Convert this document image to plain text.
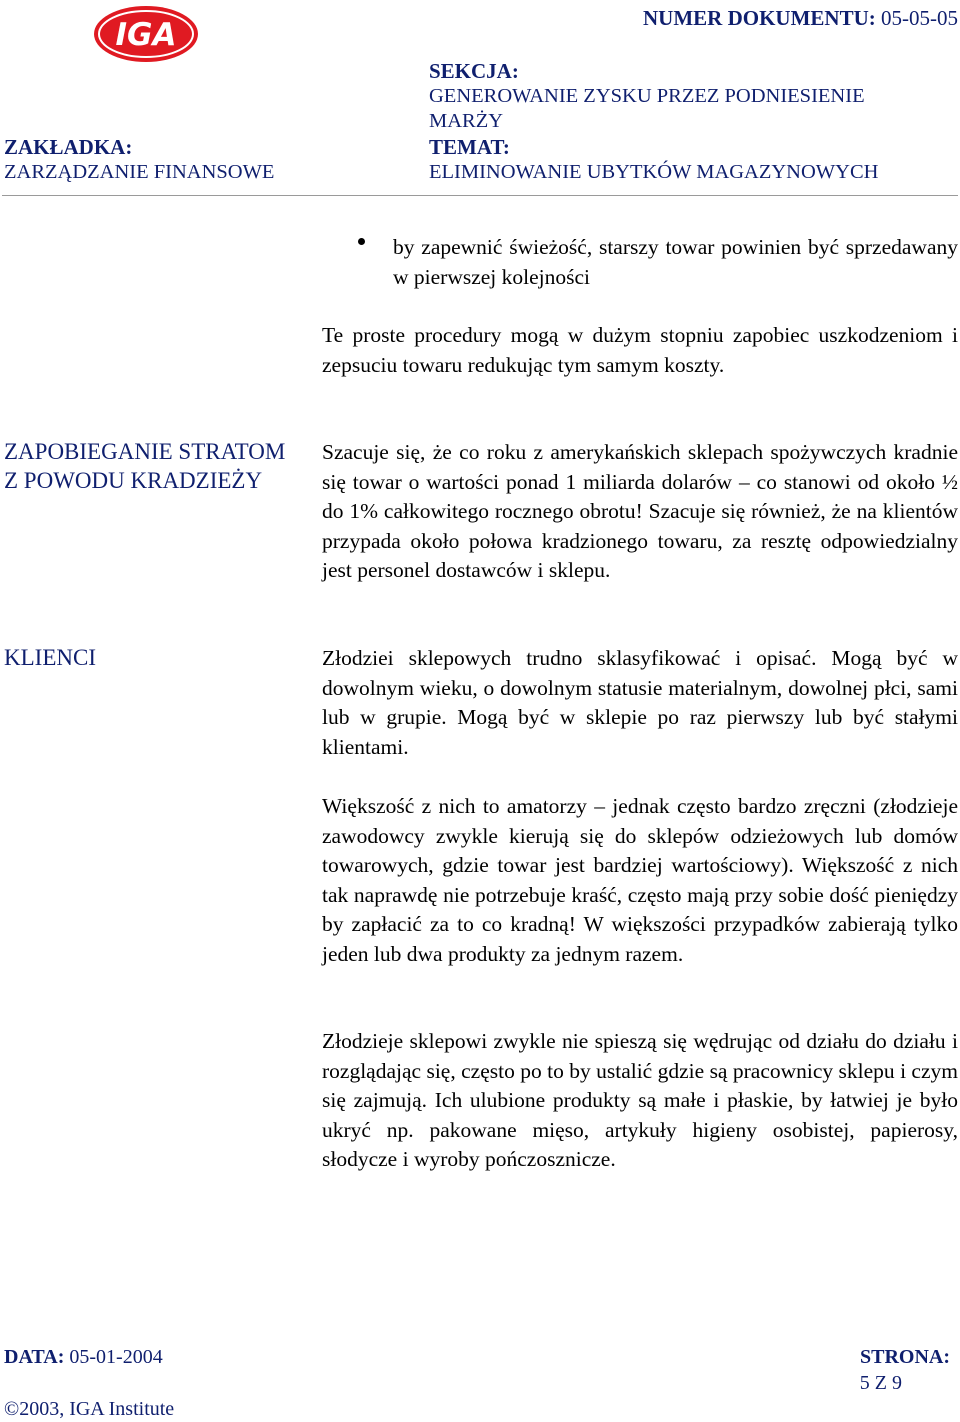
IGA	NUMER DOKUMENTU: 05-05-05
SEKCJA:
GENEROWANIE ZYSKU PRZEZ PODNIESIENIE
MARŻY
ZAKŁADKA:
ZARZĄDZANIE FINANSOWE
TEMAT:
ELIMINOWANIE UBYTKÓW MAGAZYNOWYCH
by zapewnić świeżość, starszy towar powinien być sprzedawany w pierwszej kolejności
Te proste procedury mogą w dużym stopniu zapobiec uszkodzeniom i zepsuciu towaru redukując tym samym koszty.
ZAPOBIEGANIE STRATOM Z POWODU KRADZIEŻY
Szacuje się, że co roku z amerykańskich sklepach spożywczych kradnie się towar o wartości ponad 1 miliarda dolarów – co stanowi od około ½ do 1% całkowitego rocznego obrotu! Szacuje się również, że na klientów przypada około połowa kradzionego towaru, za resztę odpowiedzialny jest personel dostawców i sklepu.
KLIENCI	Złodziei sklepowych trudno sklasyfikować i opisać. Mogą być w dowolnym wieku, o dowolnym statusie materialnym, dowolnej płci, sami lub w grupie. Mogą być w sklepie po raz pierwszy lub być stałymi klientami.
Większość z nich to amatorzy – jednak często bardzo zręczni (złodzieje zawodowcy zwykle kierują się do sklepów odzieżowych lub domów towarowych, gdzie towar jest bardziej wartościowy). Większość z nich tak naprawdę nie potrzebuje kraść, często mają przy sobie dość pieniędzy by zapłacić za to co kradną! W większości przypadków zabierają tylko jeden lub dwa produkty za jednym razem.
Złodzieje sklepowi zwykle nie spieszą się wędrując od działu do działu i rozglądając się, często po to by ustalić gdzie są pracownicy sklepu i czym się zajmują. Ich ulubione produkty są małe i płaskie, by łatwiej je było ukryć np. pakowane mięso, artykuły higieny osobistej, papierosy, słodycze i wyroby pończosznicze.
DATA: 05-01-2004	STRONA:
5 Z 9
©2003, IGA Institute
